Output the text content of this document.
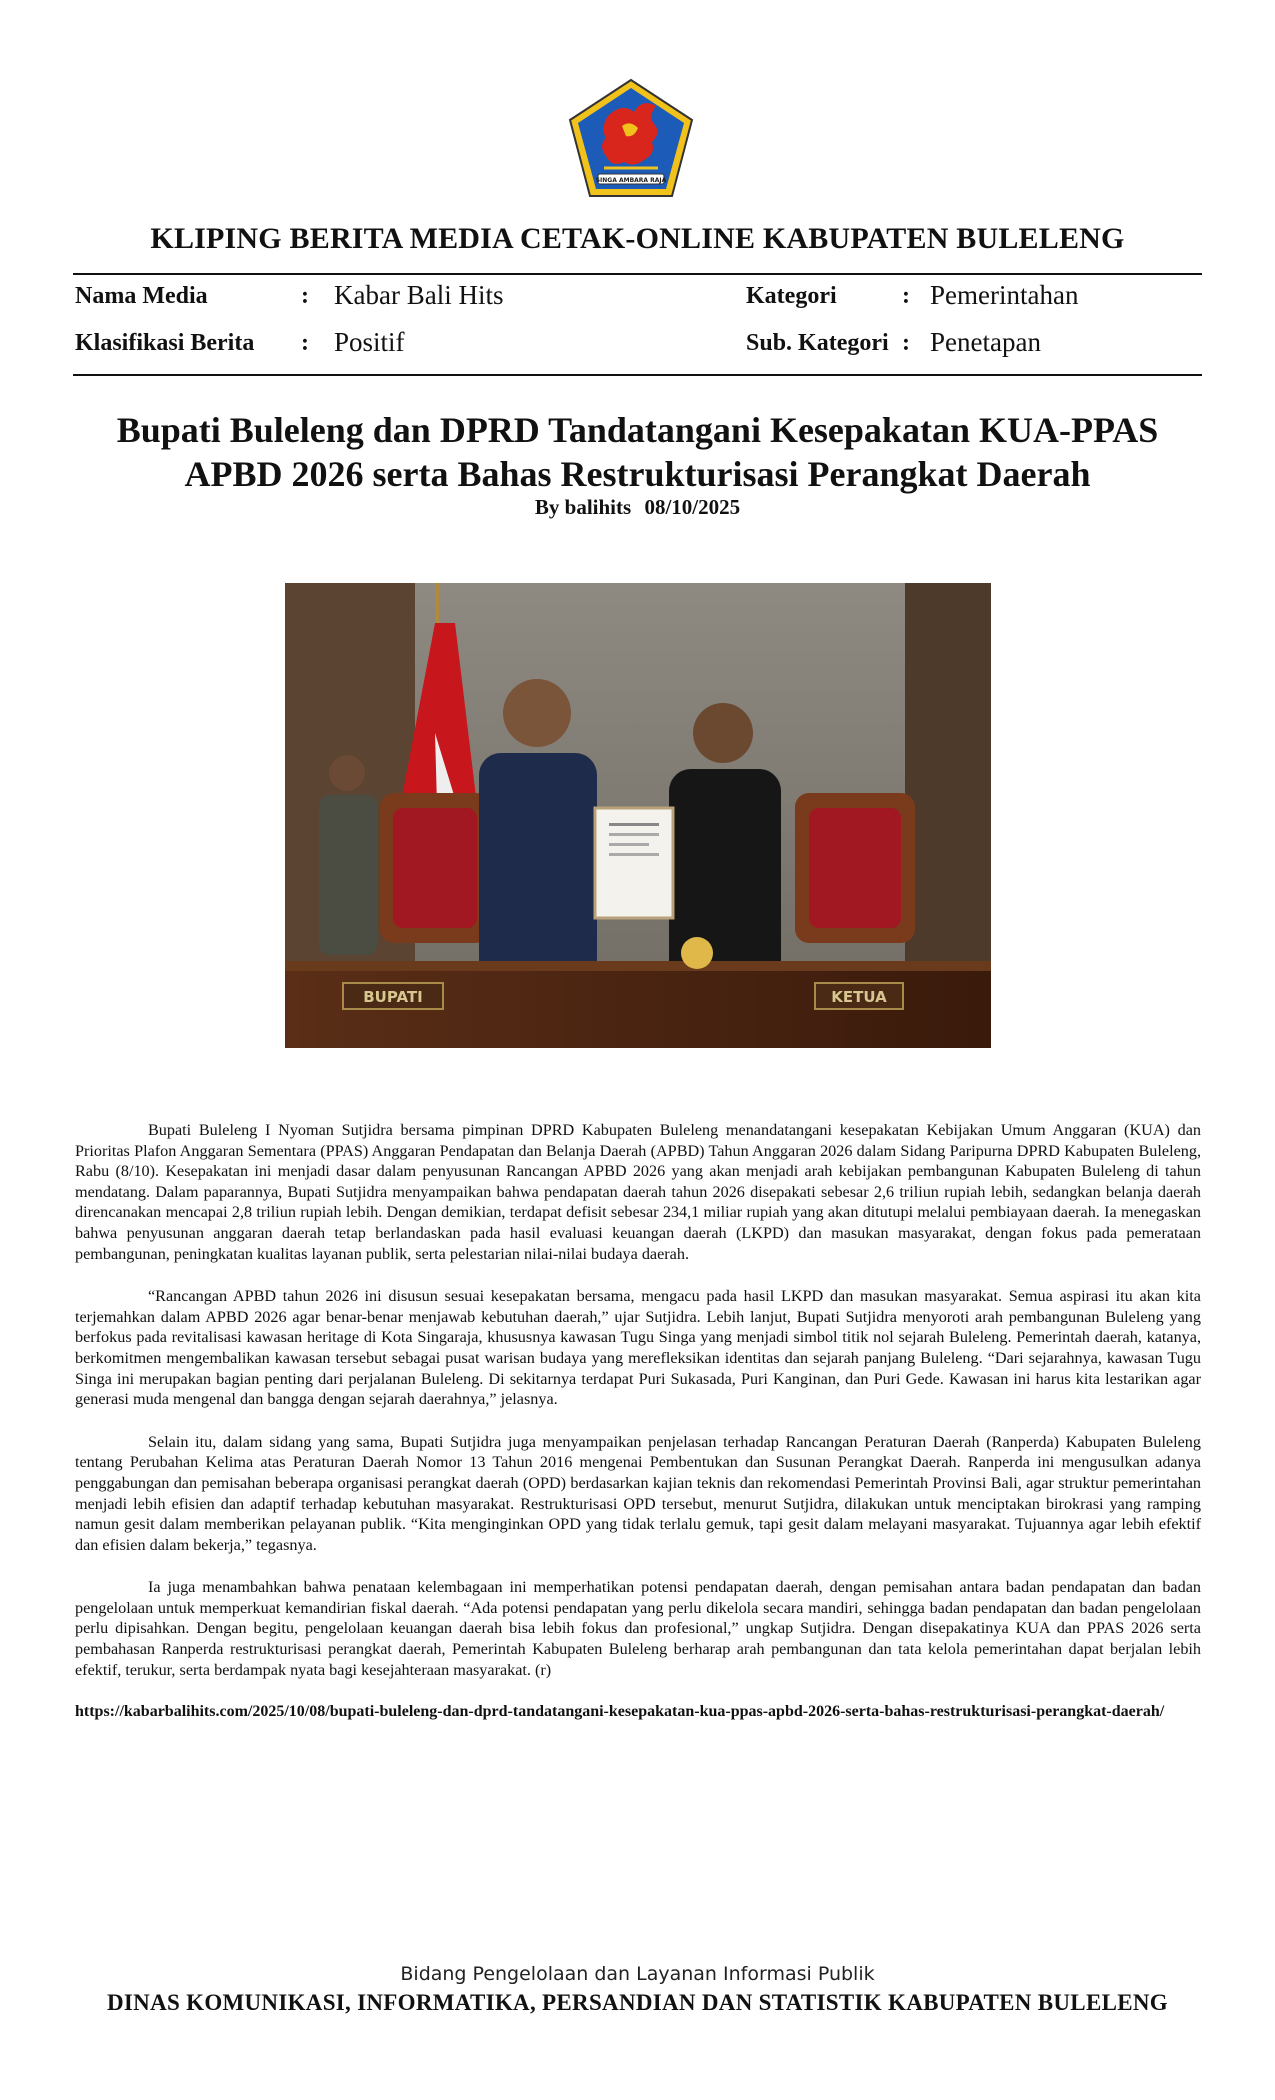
SINGA AMBARA RAJA
KLIPING BERITA MEDIA CETAK-ONLINE KABUPATEN BULELENG
Nama Media	: Kabar Bali Hits
Klasifikasi Berita : Positif
Kategori	: Pemerintahan
Sub. Kategori : Penetapan
Bupati Buleleng dan DPRD Tandatangani Kesepakatan KUA-PPAS
APBD 2026 serta Bahas Restrukturisasi Perangkat Daerah
By balihits 08/10/2025
BUPATI	KETUA

Bupati Buleleng I Nyoman Sutjidra bersama pimpinan DPRD Kabupaten Buleleng menandatangani kesepakatan Kebijakan Umum Anggaran (KUA) dan Prioritas Plafon Anggaran Sementara (PPAS) Anggaran Pendapatan dan Belanja Daerah (APBD) Tahun Anggaran 2026 dalam Sidang Paripurna DPRD Kabupaten Buleleng, Rabu (8/10). Kesepakatan ini menjadi dasar dalam penyusunan Rancangan APBD 2026 yang akan menjadi arah kebijakan pembangunan Kabupaten Buleleng di tahun mendatang. Dalam paparannya, Bupati Sutjidra menyampaikan bahwa pendapatan daerah tahun 2026 disepakati sebesar 2,6 triliun rupiah lebih, sedangkan belanja daerah direncanakan mencapai 2,8 triliun rupiah lebih. Dengan demikian, terdapat defisit sebesar 234,1 miliar rupiah yang akan ditutupi melalui pembiayaan daerah. Ia menegaskan bahwa penyusunan anggaran daerah tetap berlandaskan pada hasil evaluasi keuangan daerah (LKPD) dan masukan masyarakat, dengan fokus pada pemerataan pembangunan, peningkatan kualitas layanan publik, serta pelestarian nilai-nilai budaya daerah.

“Rancangan APBD tahun 2026 ini disusun sesuai kesepakatan bersama, mengacu pada hasil LKPD dan masukan masyarakat. Semua aspirasi itu akan kita terjemahkan dalam APBD 2026 agar benar-benar menjawab kebutuhan daerah,” ujar Sutjidra. Lebih lanjut, Bupati Sutjidra menyoroti arah pembangunan Buleleng yang berfokus pada revitalisasi kawasan heritage di Kota Singaraja, khususnya kawasan Tugu Singa yang menjadi simbol titik nol sejarah Buleleng. Pemerintah daerah, katanya, berkomitmen mengembalikan kawasan tersebut sebagai pusat warisan budaya yang merefleksikan identitas dan sejarah panjang Buleleng. “Dari sejarahnya, kawasan Tugu Singa ini merupakan bagian penting dari perjalanan Buleleng. Di sekitarnya terdapat Puri Sukasada, Puri Kanginan, dan Puri Gede. Kawasan ini harus kita lestarikan agar generasi muda mengenal dan bangga dengan sejarah daerahnya,” jelasnya.

Selain itu, dalam sidang yang sama, Bupati Sutjidra juga menyampaikan penjelasan terhadap Rancangan Peraturan Daerah (Ranperda) Kabupaten Buleleng tentang Perubahan Kelima atas Peraturan Daerah Nomor 13 Tahun 2016 mengenai Pembentukan dan Susunan Perangkat Daerah. Ranperda ini mengusulkan adanya penggabungan dan pemisahan beberapa organisasi perangkat daerah (OPD) berdasarkan kajian teknis dan rekomendasi Pemerintah Provinsi Bali, agar struktur pemerintahan menjadi lebih efisien dan adaptif terhadap kebutuhan masyarakat. Restrukturisasi OPD tersebut, menurut Sutjidra, dilakukan untuk menciptakan birokrasi yang ramping namun gesit dalam memberikan pelayanan publik. “Kita menginginkan OPD yang tidak terlalu gemuk, tapi gesit dalam melayani masyarakat. Tujuannya agar lebih efektif dan efisien dalam bekerja,” tegasnya.

Ia juga menambahkan bahwa penataan kelembagaan ini memperhatikan potensi pendapatan daerah, dengan pemisahan antara badan pendapatan dan badan pengelolaan untuk memperkuat kemandirian fiskal daerah. “Ada potensi pendapatan yang perlu dikelola secara mandiri, sehingga badan pendapatan dan badan pengelolaan perlu dipisahkan. Dengan begitu, pengelolaan keuangan daerah bisa lebih fokus dan profesional,” ungkap Sutjidra. Dengan disepakatinya KUA dan PPAS 2026 serta pembahasan Ranperda restrukturisasi perangkat daerah, Pemerintah Kabupaten Buleleng berharap arah pembangunan dan tata kelola pemerintahan dapat berjalan lebih efektif, terukur, serta berdampak nyata bagi kesejahteraan masyarakat. (r)

https://kabarbalihits.com/2025/10/08/bupati-buleleng-dan-dprd-tandatangani-kesepakatan-kua-ppas-apbd-2026-serta-bahas-restrukturisasi-perangkat-daerah/
Bidang Pengelolaan dan Layanan Informasi Publik
DINAS KOMUNIKASI, INFORMATIKA, PERSANDIAN DAN STATISTIK KABUPATEN BULELENG
